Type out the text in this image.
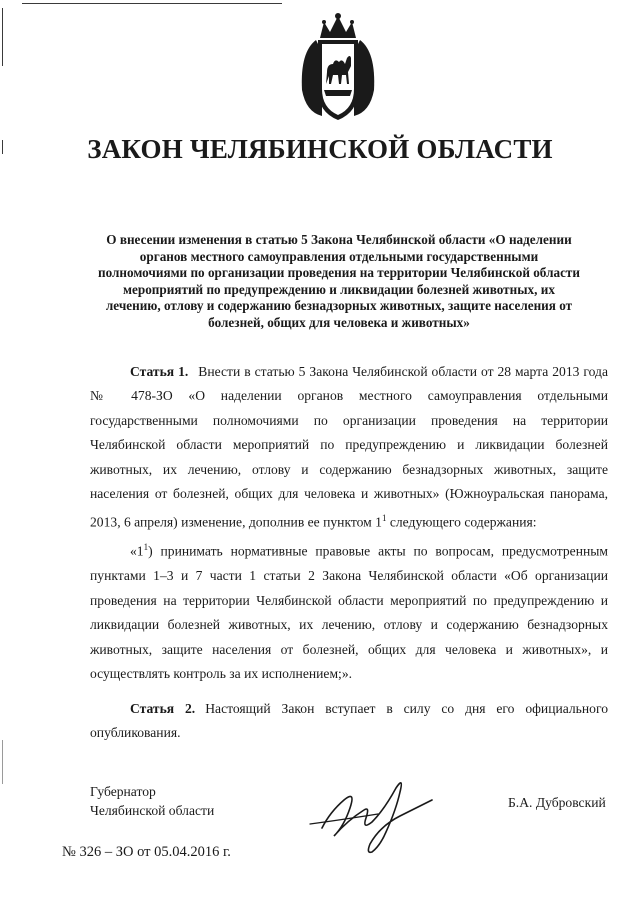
ЗАКОН ЧЕЛЯБИНСКОЙ ОБЛАСТИ
О внесении изменения в статью 5 Закона Челябинской области «О наделении органов местного самоуправления отдельными государственными полномочиями по организации проведения на территории Челябинской области мероприятий по предупреждению и ликвидации болезней животных, их лечению, отлову и содержанию безнадзорных животных, защите населения от болезней, общих для человека и животных»

Статья 1. Внести в статью 5 Закона Челябинской области от 28 марта 2013 года № 478-ЗО «О наделении органов местного самоуправления отдельными государственными полномочиями по организации проведения на территории Челябинской области мероприятий по предупреждению и ликвидации болезней животных, их лечению, отлову и содержанию безнадзорных животных, защите населения от болезней, общих для человека и животных» (Южноуральская панорама, 2013, 6 апреля) изменение, дополнив ее пунктом $1^1$ следующего содержания:

«$1^1$) принимать нормативные правовые акты по вопросам, предусмотренным пунктами 1–3 и 7 части 1 статьи 2 Закона Челябинской области «Об организации проведения на территории Челябинской области мероприятий по предупреждению и ликвидации болезней животных, их лечению, отлову и содержанию безнадзорных животных, защите населения от болезней, общих для человека и животных», и осуществлять контроль за их исполнением;».

Статья 2. Настоящий Закон вступает в силу со дня его официального опубликования.

Губернатор
Челябинской области
Б.А. Дубровский
№ 326 – ЗО от 05.04.2016 г.
